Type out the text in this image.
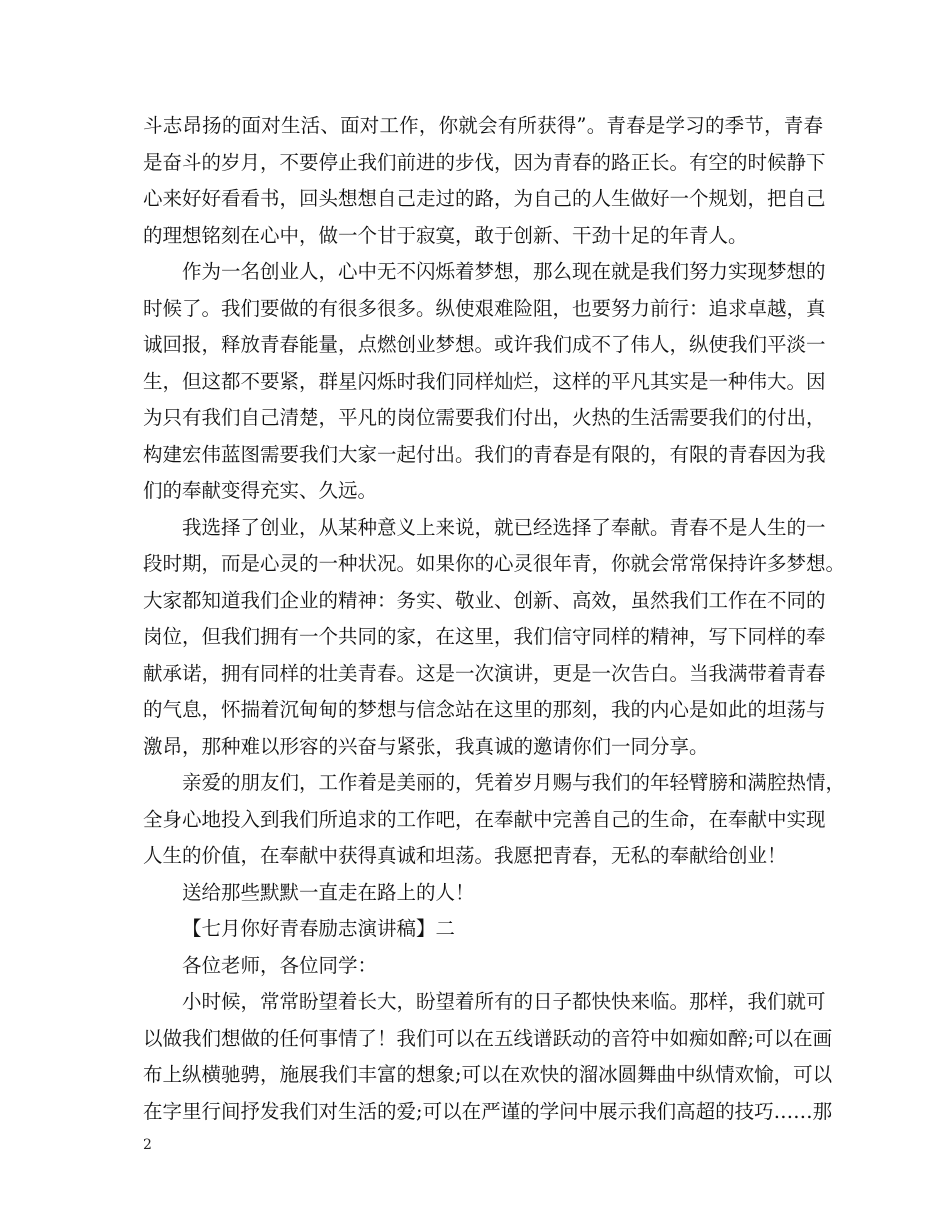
斗志昂扬的面对生活、面对工作，你就会有所获得”。青春是学习的季节，青春
是奋斗的岁月，不要停止我们前进的步伐，因为青春的路正长。有空的时候静下
心来好好看看书，回头想想自己走过的路，为自己的人生做好一个规划，把自己
的理想铭刻在心中，做一个甘于寂寞，敢于创新、干劲十足的年青人。
作为一名创业人，心中无不闪烁着梦想，那么现在就是我们努力实现梦想的
时候了。我们要做的有很多很多。纵使艰难险阻，也要努力前行：追求卓越，真
诚回报，释放青春能量，点燃创业梦想。或许我们成不了伟人，纵使我们平淡一
生，但这都不要紧，群星闪烁时我们同样灿烂，这样的平凡其实是一种伟大。因
为只有我们自己清楚，平凡的岗位需要我们付出，火热的生活需要我们的付出，
构建宏伟蓝图需要我们大家一起付出。我们的青春是有限的，有限的青春因为我
们的奉献变得充实、久远。
我选择了创业，从某种意义上来说，就已经选择了奉献。青春不是人生的一
段时期，而是心灵的一种状况。如果你的心灵很年青，你就会常常保持许多梦想。
大家都知道我们企业的精神：务实、敬业、创新、高效，虽然我们工作在不同的
岗位，但我们拥有一个共同的家，在这里，我们信守同样的精神，写下同样的奉
献承诺，拥有同样的壮美青春。这是一次演讲，更是一次告白。当我满带着青春
的气息，怀揣着沉甸甸的梦想与信念站在这里的那刻，我的内心是如此的坦荡与
激昂，那种难以形容的兴奋与紧张，我真诚的邀请你们一同分享。
亲爱的朋友们，工作着是美丽的，凭着岁月赐与我们的年轻臂膀和满腔热情，
全身心地投入到我们所追求的工作吧，在奉献中完善自己的生命，在奉献中实现
人生的价值，在奉献中获得真诚和坦荡。我愿把青春，无私的奉献给创业！
送给那些默默一直走在路上的人！
【七月你好青春励志演讲稿】二
各位老师，各位同学：
小时候，常常盼望着长大，盼望着所有的日子都快快来临。那样，我们就可
以做我们想做的任何事情了！我们可以在五线谱跃动的音符中如痴如醉;可以在画
布上纵横驰骋，施展我们丰富的想象;可以在欢快的溜冰圆舞曲中纵情欢愉，可以
在字里行间抒发我们对生活的爱;可以在严谨的学问中展示我们高超的技巧……那
2
